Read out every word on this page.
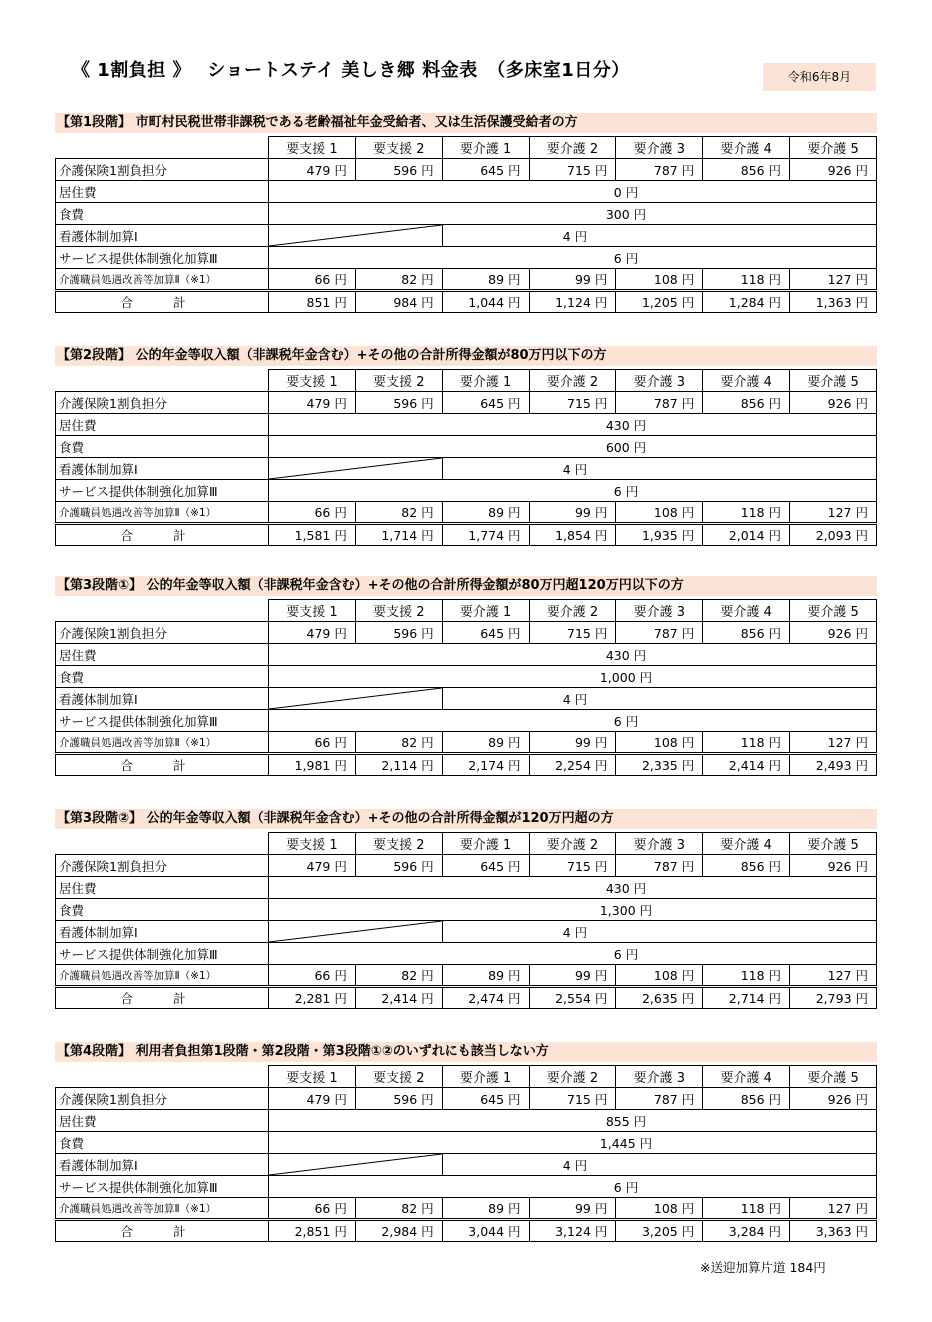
《 1割負担 》　 ショートステイ 美しき郷 料金表　（多床室1日分）	令和6年8月
【第1段階】 市町村民税世帯非課税である老齢福祉年金受給者、又は生活保護受給者の方
	要支援 1	要支援 2	要介護 1	要介護 2	要介護 3	要介護 4	要介護 5
介護保険1割負担分	479 円	596 円	645 円	715 円	787 円	856 円	926 円
居住費	0 円						
食費	300 円						
看護体制加算Ⅰ			4 円				
サービス提供体制強化加算Ⅲ	6 円						
介護職員処遇改善等加算Ⅱ（※1）	66 円	82 円	89 円	99 円	108 円	118 円	127 円
合 計	851 円	984 円	1,044 円	1,124 円	1,205 円	1,284 円	1,363 円
【第2段階】 公的年金等収入額（非課税年金含む）+その他の合計所得金額が80万円以下の方
	要支援 1	要支援 2	要介護 1	要介護 2	要介護 3	要介護 4	要介護 5
介護保険1割負担分	479 円	596 円	645 円	715 円	787 円	856 円	926 円
居住費	430 円						
食費	600 円						
看護体制加算Ⅰ			4 円				
サービス提供体制強化加算Ⅲ	6 円						
介護職員処遇改善等加算Ⅱ（※1）	66 円	82 円	89 円	99 円	108 円	118 円	127 円
合 計	1,581 円	1,714 円	1,774 円	1,854 円	1,935 円	2,014 円	2,093 円
【第3段階①】 公的年金等収入額（非課税年金含む）+その他の合計所得金額が80万円超120万円以下の方
	要支援 1	要支援 2	要介護 1	要介護 2	要介護 3	要介護 4	要介護 5
介護保険1割負担分	479 円	596 円	645 円	715 円	787 円	856 円	926 円
居住費	430 円						
食費	1,000 円						
看護体制加算Ⅰ			4 円				
サービス提供体制強化加算Ⅲ	6 円						
介護職員処遇改善等加算Ⅱ（※1）	66 円	82 円	89 円	99 円	108 円	118 円	127 円
合 計	1,981 円	2,114 円	2,174 円	2,254 円	2,335 円	2,414 円	2,493 円
【第3段階②】 公的年金等収入額（非課税年金含む）+その他の合計所得金額が120万円超の方
	要支援 1	要支援 2	要介護 1	要介護 2	要介護 3	要介護 4	要介護 5
介護保険1割負担分	479 円	596 円	645 円	715 円	787 円	856 円	926 円
居住費	430 円						
食費	1,300 円						
看護体制加算Ⅰ			4 円				
サービス提供体制強化加算Ⅲ	6 円						
介護職員処遇改善等加算Ⅱ（※1）	66 円	82 円	89 円	99 円	108 円	118 円	127 円
合 計	2,281 円	2,414 円	2,474 円	2,554 円	2,635 円	2,714 円	2,793 円
【第4段階】 利用者負担第1段階・第2段階・第3段階①②のいずれにも該当しない方
	要支援 1	要支援 2	要介護 1	要介護 2	要介護 3	要介護 4	要介護 5
介護保険1割負担分	479 円	596 円	645 円	715 円	787 円	856 円	926 円
居住費	855 円						
食費	1,445 円						
看護体制加算Ⅰ			4 円				
サービス提供体制強化加算Ⅲ	6 円						
介護職員処遇改善等加算Ⅱ（※1）	66 円	82 円	89 円	99 円	108 円	118 円	127 円
合 計	2,851 円	2,984 円	3,044 円	3,124 円	3,205 円	3,284 円	3,363 円
※送迎加算片道 184円
